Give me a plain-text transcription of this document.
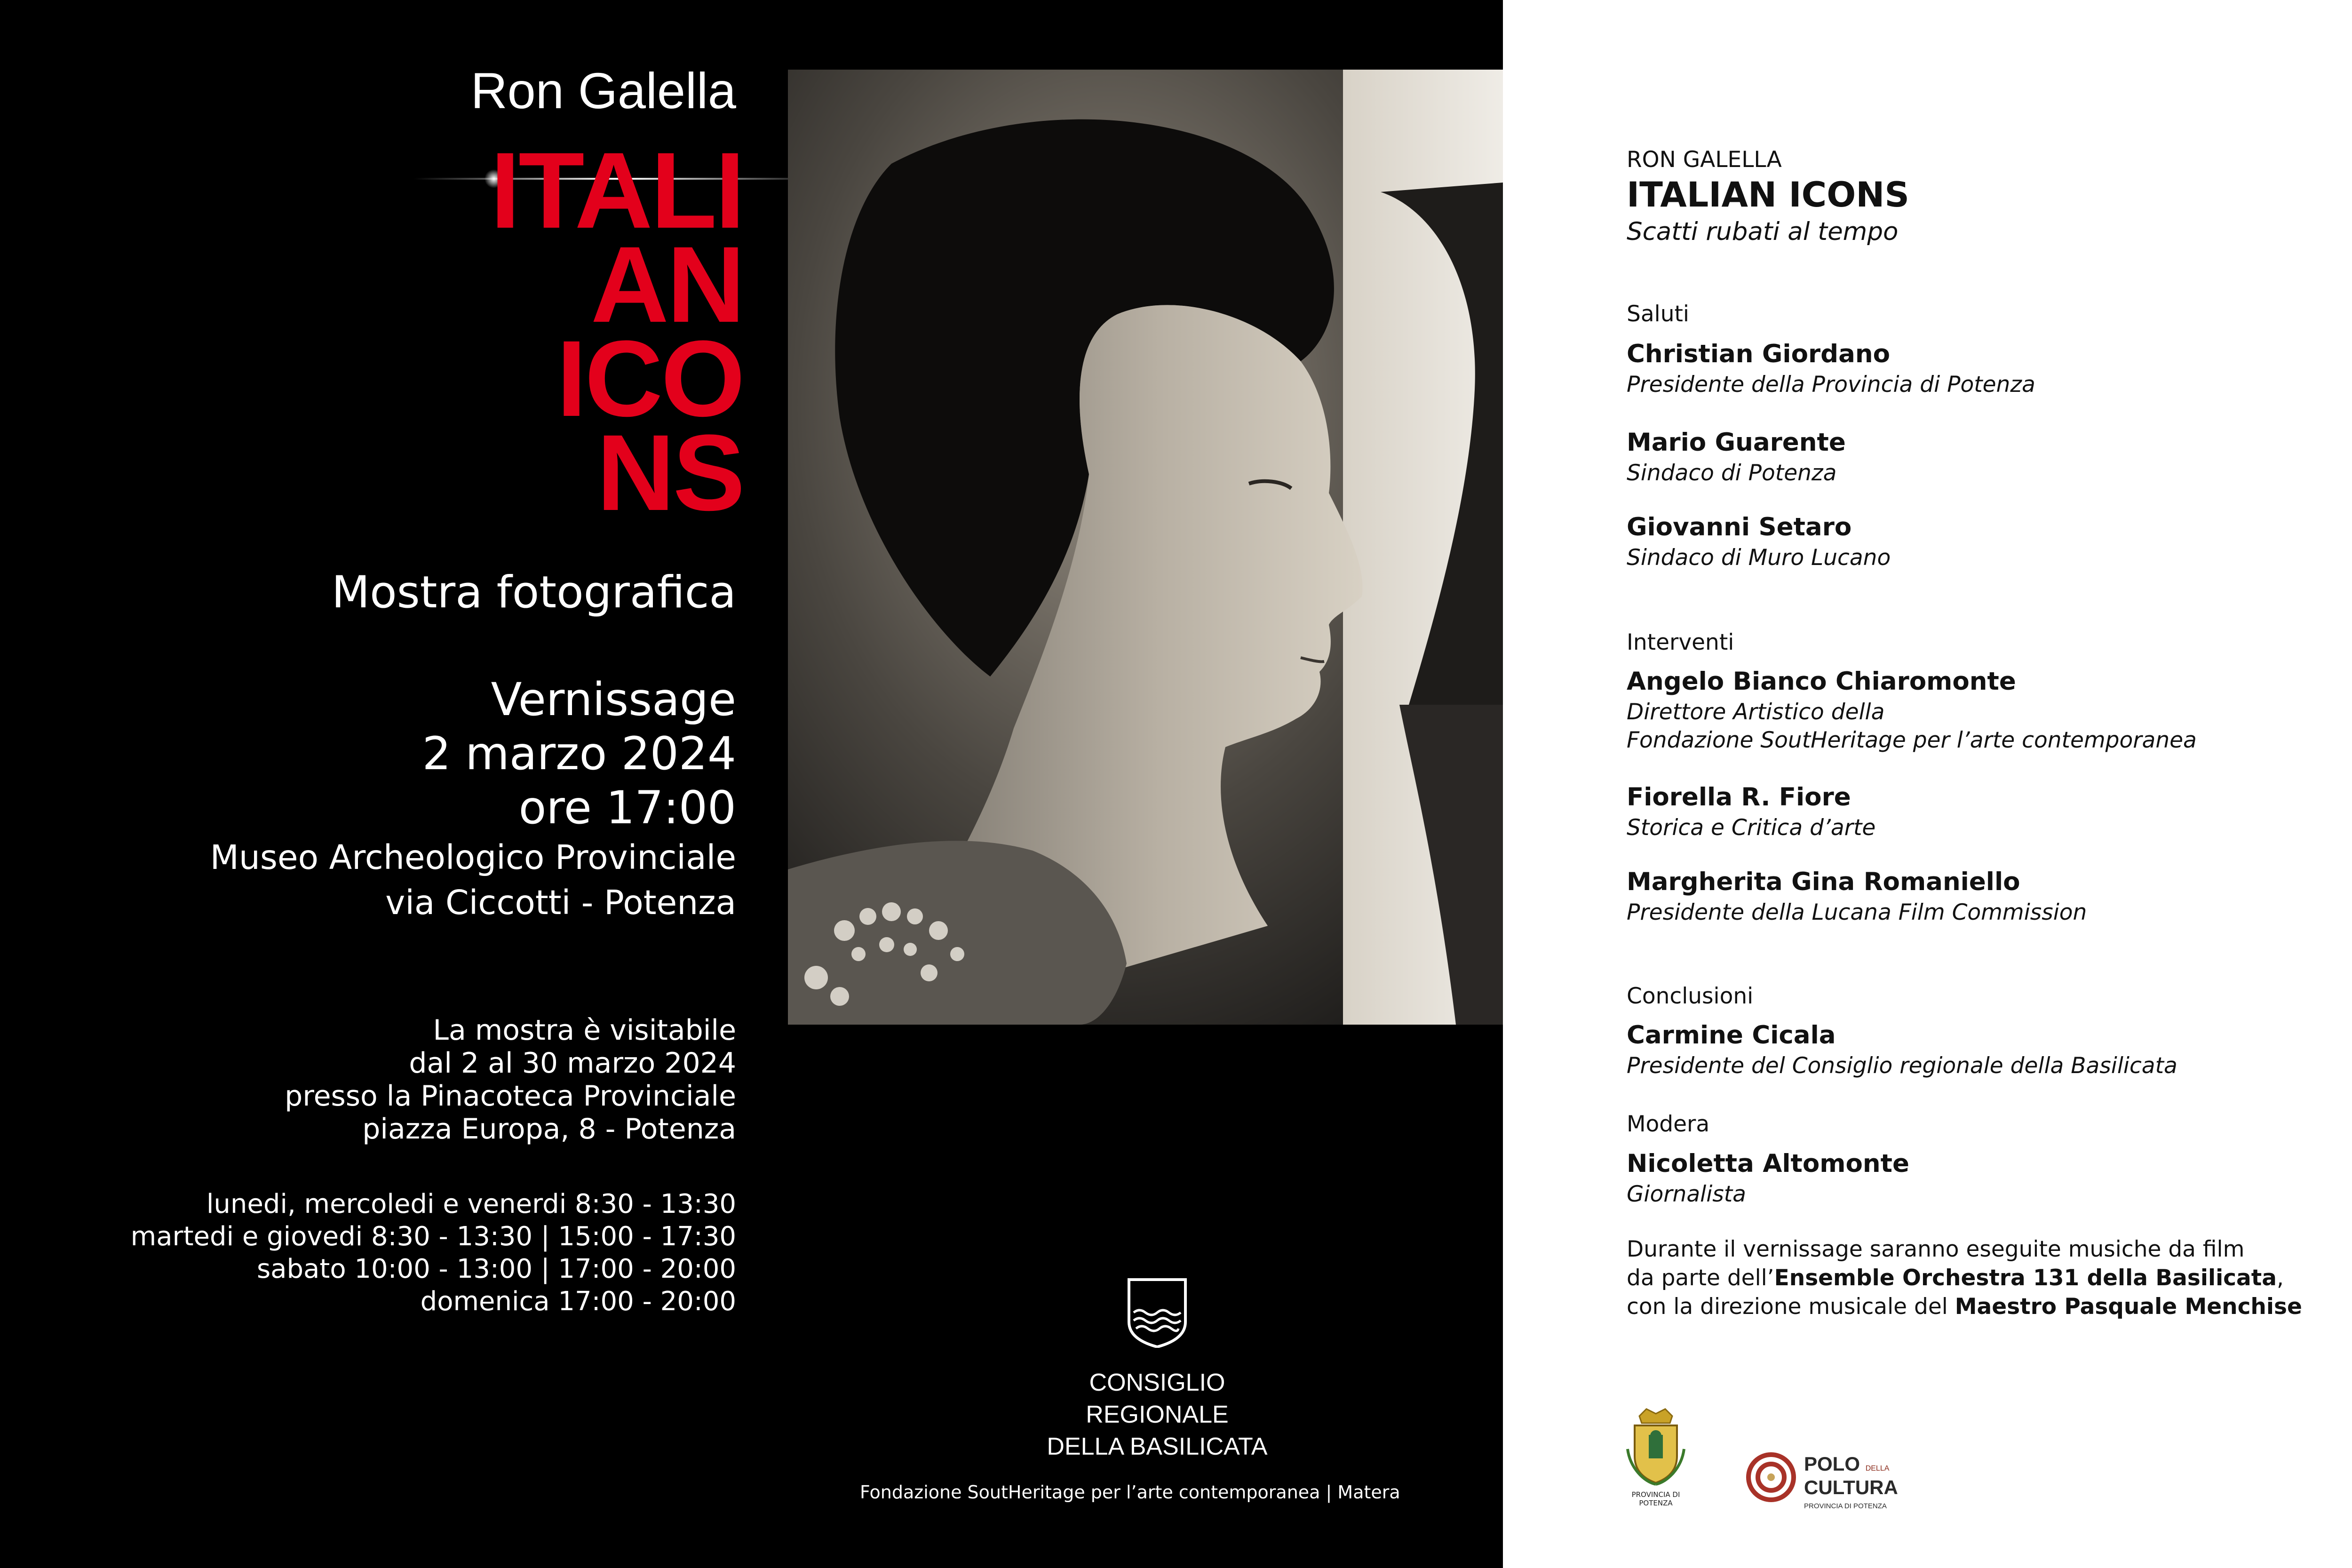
Ron Galella
ITALI
AN
ICO
NS
Mostra fotografica
Vernissage
2 marzo 2024
ore 17:00
Museo Archeologico Provinciale
via Ciccotti - Potenza
La mostra è visitabile
dal 2 al 30 marzo 2024
presso la Pinacoteca Provinciale
piazza Europa, 8 - Potenza
lunedi, mercoledi e venerdi 8:30 - 13:30
martedi e giovedi 8:30 - 13:30 | 15:00 - 17:30
sabato 10:00 - 13:00 | 17:00 - 20:00
domenica 17:00 - 20:00
CONSIGLIO REGIONALE
DELLA BASILICATA
Fondazione SoutHeritage per l’arte contemporanea | Matera
RON GALELLA
ITALIAN ICONS
Scatti rubati al tempo
Saluti
Christian Giordano
Presidente della Provincia di Potenza
Mario Guarente
Sindaco di Potenza
Giovanni Setaro
Sindaco di Muro Lucano
Interventi
Angelo Bianco Chiaromonte
Direttore Artistico della
Fondazione SoutHeritage per l’arte contemporanea
Fiorella R. Fiore
Storica e Critica d’arte
Margherita Gina Romaniello
Presidente della Lucana Film Commission
Conclusioni
Carmine Cicala
Presidente del Consiglio regionale della Basilicata
Modera
Nicoletta Altomonte
Giornalista
Durante il vernissage saranno eseguite musiche da film
da parte dell’Ensemble Orchestra 131 della Basilicata,
con la direzione musicale del Maestro Pasquale Menchise
PROVINCIA DI POTENZA
POLO DELLA
CULTURA
PROVINCIA DI POTENZA
